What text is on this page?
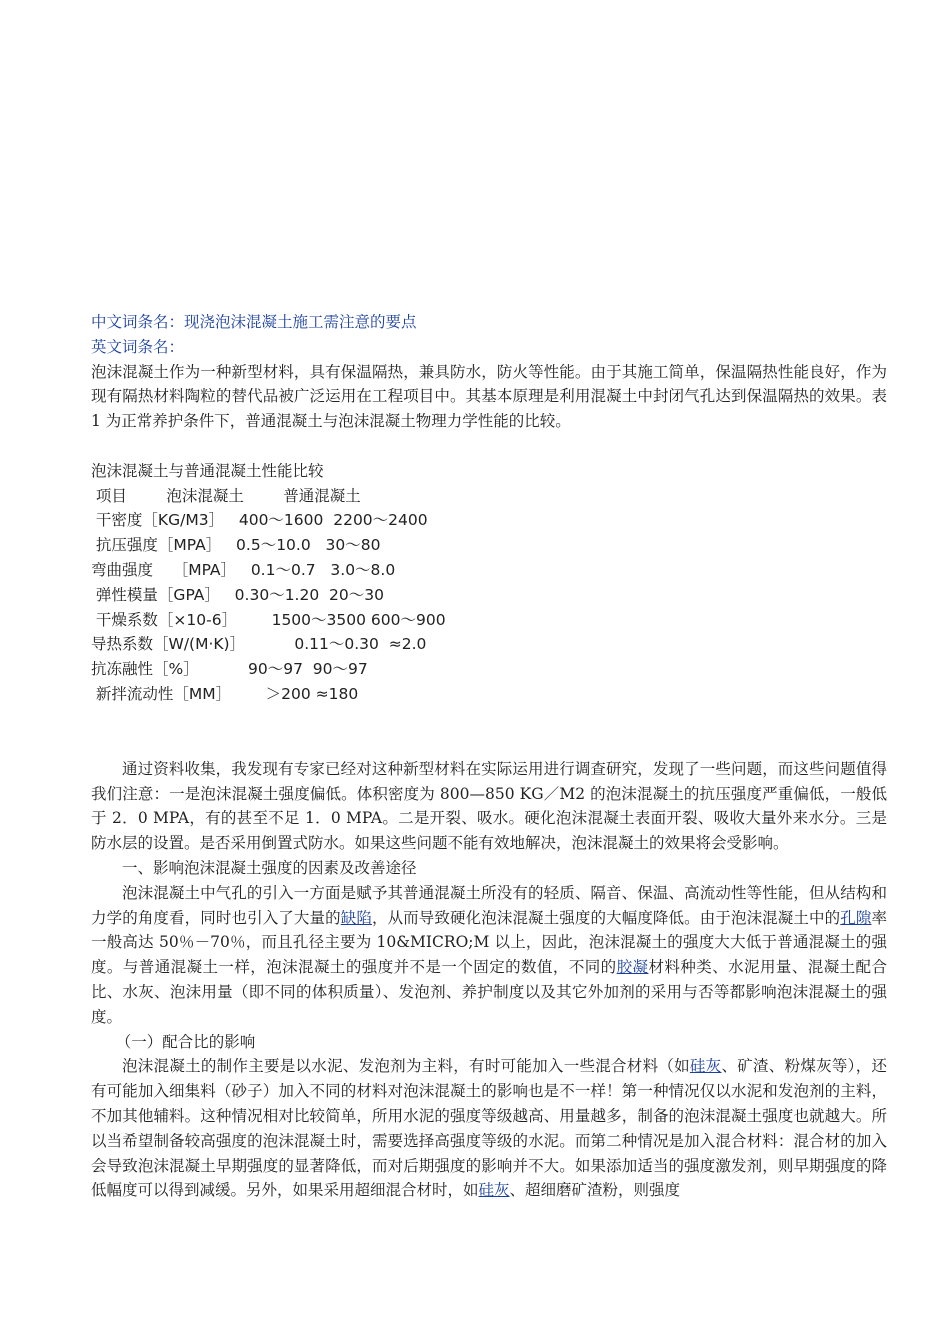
中文词条名：现浇泡沫混凝土施工需注意的要点
英文词条名：
泡沫混凝土作为一种新型材料，具有保温隔热，兼具防水，防火等性能。由于其施工简单，保温隔热性能良好，作为现有隔热材料陶粒的替代品被广泛运用在工程项目中。其基本原理是利用混凝土中封闭气孔达到保温隔热的效果。表 1 为正常养护条件下，普通混凝土与泡沫混凝土物理力学性能的比较。
泡沫混凝土与普通混凝土性能比较
项目        泡沫混凝土        普通混凝土
干密度［KG/M3］   400～1600  2200～2400
抗压强度［MPA］   0.5～10.0   30～80
弯曲强度    ［MPA］   0.1～0.7   3.0～8.0
弹性模量［GPA］   0.30～1.20  20～30
干燥系数［×10-6］       1500～3500 600～900
导热系数［W/(M·K)］          0.11～0.30  ≈2.0
抗冻融性［%］          90～97  90～97
新拌流动性［MM］       ＞200 ≈180
通过资料收集，我发现有专家已经对这种新型材料在实际运用进行调查研究，发现了一些问题，而这些问题值得我们注意：一是泡沫混凝土强度偏低。体积密度为 800—850 KG／M2 的泡沫混凝土的抗压强度严重偏低，一般低于 2．0 MPA，有的甚至不足 1．0 MPA。二是开裂、吸水。硬化泡沫混凝土表面开裂、吸收大量外来水分。三是防水层的设置。是否采用倒置式防水。如果这些问题不能有效地解决，泡沫混凝土的效果将会受影响。
一、影响泡沫混凝土强度的因素及改善途径
泡沫混凝土中气孔的引入一方面是赋予其普通混凝土所没有的轻质、隔音、保温、高流动性等性能，但从结构和力学的角度看，同时也引入了大量的缺陷，从而导致硬化泡沫混凝土强度的大幅度降低。由于泡沫混凝土中的孔隙率一般高达 50％－70％，而且孔径主要为 10&MICRO;M 以上，因此，泡沫混凝土的强度大大低于普通混凝土的强度。与普通混凝土一样，泡沫混凝土的强度并不是一个固定的数值，不同的胶凝材料种类、水泥用量、混凝土配合比、水灰、泡沫用量（即不同的体积质量）、发泡剂、养护制度以及其它外加剂的采用与否等都影响泡沫混凝土的强度。
（一）配合比的影响
泡沫混凝土的制作主要是以水泥、发泡剂为主料，有时可能加入一些混合材料（如硅灰、矿渣、粉煤灰等），还有可能加入细集料（砂子）加入不同的材料对泡沫混凝土的影响也是不一样！第一种情况仅以水泥和发泡剂的主料，不加其他辅料。这种情况相对比较简单，所用水泥的强度等级越高、用量越多，制备的泡沫混凝土强度也就越大。所以当希望制备较高强度的泡沫混凝土时，需要选择高强度等级的水泥。而第二种情况是加入混合材料：混合材的加入会导致泡沫混凝土早期强度的显著降低，而对后期强度的影响并不大。如果添加适当的强度激发剂，则早期强度的降低幅度可以得到减缓。另外，如果采用超细混合材时，如硅灰、超细磨矿渣粉，则强度
